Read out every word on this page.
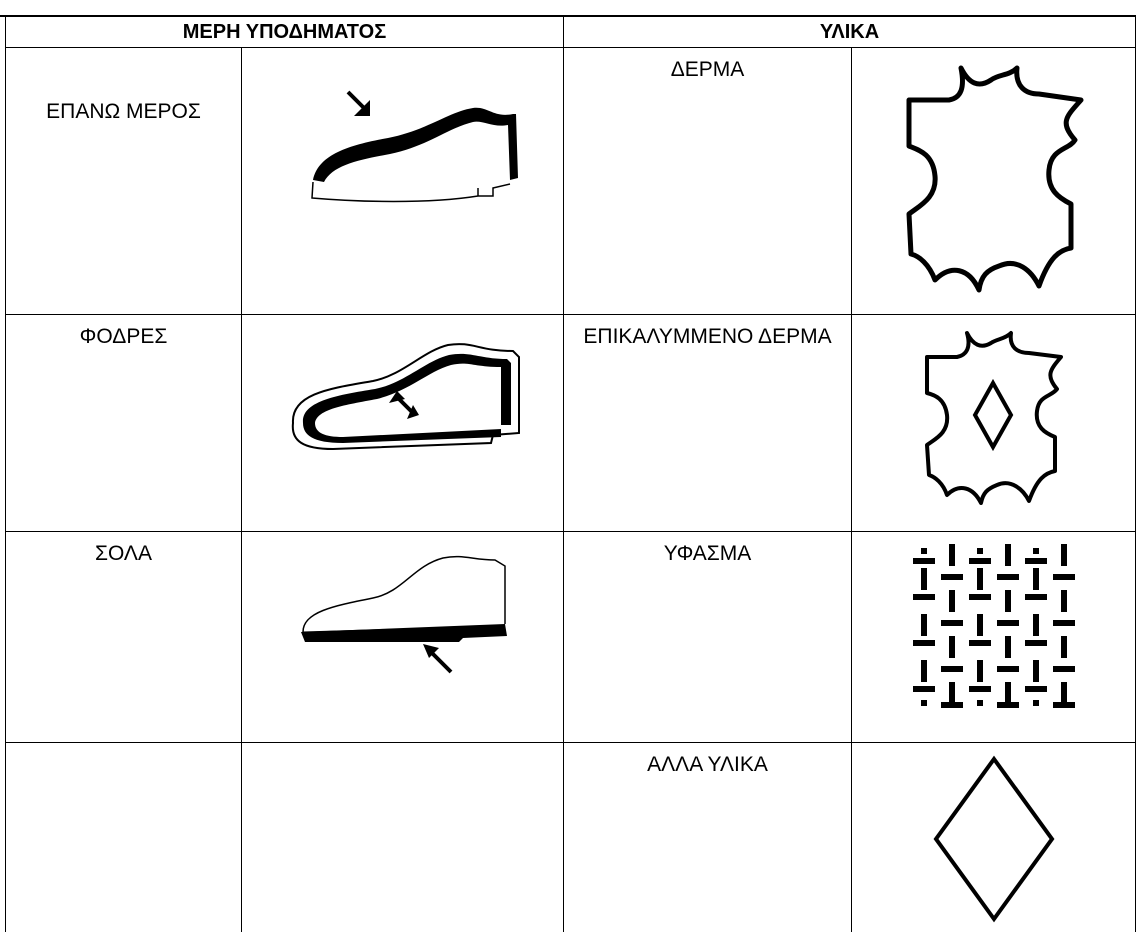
ΜΕΡΗ ΥΠΟΔΗΜΑΤΟΣ		ΥΛΙΚΑ	

ΕΠΑΝΩ ΜΕΡΟΣ		ΔΕΡΜΑ

ΦΟΔΡΕΣ		ΕΠΙΚΑΛΥΜΜΕΝΟ ΔΕΡΜΑ

ΣΟΛΑ		ΥΦΑΣΜΑ

		ΑΛΛΑ ΥΛΙΚΑ
